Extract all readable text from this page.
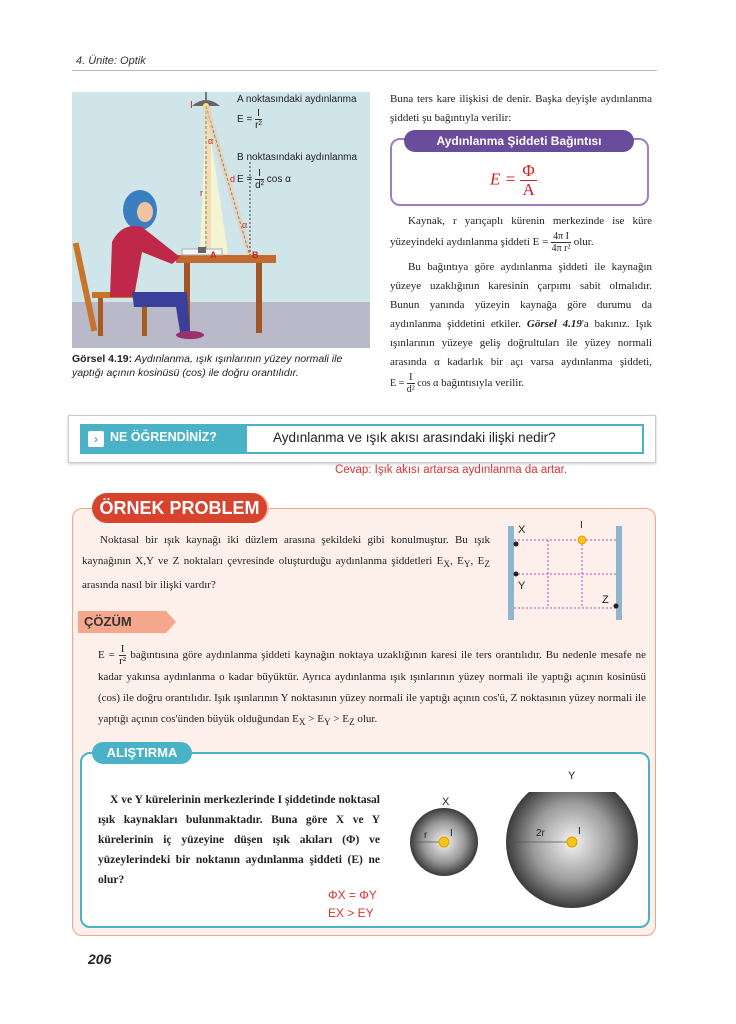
4. Ünite: Optik
I
α
r
d
α
A	B
A noktasındaki aydınlanma
$E = \frac{I}{\text{r²}}$
B noktasındaki aydınlanma
$E = \frac{I}{\text{d²}}$ cos α
Görsel 4.19: Aydınlanma, ışık ışınlarının yüzey normali ile yaptığı açının kosinüsü (cos) ile doğru orantılıdır.
Buna ters kare ilişkisi de denir. Başka deyişle aydınlanma şiddeti şu bağıntıyla verilir:
Aydınlanma Şiddeti Bağıntısı
$E = \frac{\Phi}{A}$
Kaynak, r yarıçaplı kürenin merkezinde ise küre yüzeyindeki aydınlanma şiddeti $E = \frac{\text{4π I}}{\text{4π r²}}$ olur.
Bu bağıntıya göre aydınlanma şiddeti ile kaynağın yüzeye uzaklığının karesinin çarpımı sabit olmalıdır. Bunun yanında yüzeyin kaynağa göre durumu da aydınlanma şiddetini etkiler. Görsel 4.19'a bakınız. Işık ışınlarının yüzeye geliş doğrultuları ile yüzey normali arasında α kadarlık bir açı varsa aydınlanma şiddeti, $E = \frac{I}{\text{d²}}$ cos α bağıntısıyla verilir.
› NE ÖĞRENDİNİZ?	Aydınlanma ve ışık akısı arasındaki ilişki nedir?
Cevap: Işık akısı artarsa aydınlanma da artar.
ÖRNEK PROBLEM
Noktasal bir ışık kaynağı iki düzlem arasına şekildeki gibi konulmuştur. Bu ışık kaynağının X,Y ve Z noktaları çevresinde oluşturduğu aydınlanma şiddetleri $E_X$, $E_Y$, $E_Z$ arasında nasıl bir ilişki vardır?
X
Y
Z
I
ÇÖZÜM
$E = \frac{I}{\text{r²}}$ bağıntısına göre aydınlanma şiddeti kaynağın noktaya uzaklığının karesi ile ters orantılıdır. Bu nedenle mesafe ne kadar yakınsa aydınlanma o kadar büyüktür. Ayrıca aydınlanma ışık ışınlarının yüzey normali ile yaptığı açının kosinüsü (cos) ile doğru orantılıdır. Işık ışınlarının Y noktasının yüzey normali ile yaptığı açının cos'ü, Z noktasının yüzey normali ile yaptığı açının cos'ünden büyük olduğundan $E_X > E_Y > E_Z$ olur.
ALIŞTIRMA
X ve Y kürelerinin merkezlerinde I şiddetinde noktasal ışık kaynakları bulunmaktadır. Buna göre X ve Y kürelerinin iç yüzeyine düşen ışık akıları (Φ) ve yüzeylerindeki bir noktanın aydınlanma şiddeti (E) ne olur?
ΦX = ΦY
EX > EY
X
r I
Y
2r	I
206
